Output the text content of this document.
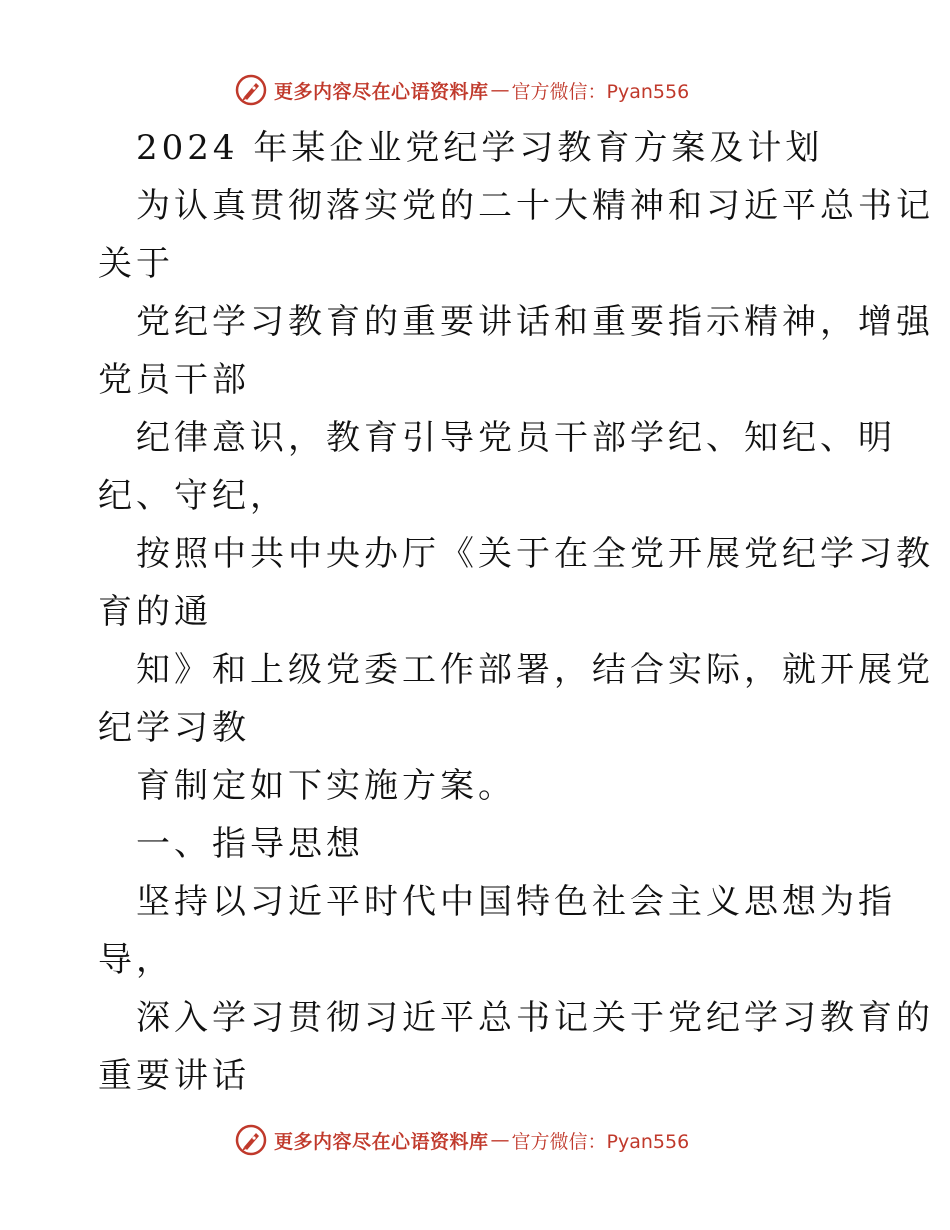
更多内容尽在心语资料库 — 官方微信：Pyan556
2024 年某企业党纪学习教育方案及计划
为认真贯彻落实党的二十大精神和习近平总书记
关于
党纪学习教育的重要讲话和重要指示精神，增强
党员干部
纪律意识，教育引导党员干部学纪、知纪、明
纪、守纪，
按照中共中央办厅《关于在全党开展党纪学习教
育的通
知》和上级党委工作部署，结合实际，就开展党
纪学习教
育制定如下实施方案。
一、指导思想
坚持以习近平时代中国特色社会主义思想为指
导，
深入学习贯彻习近平总书记关于党纪学习教育的
重要讲话
更多内容尽在心语资料库 — 官方微信：Pyan556
